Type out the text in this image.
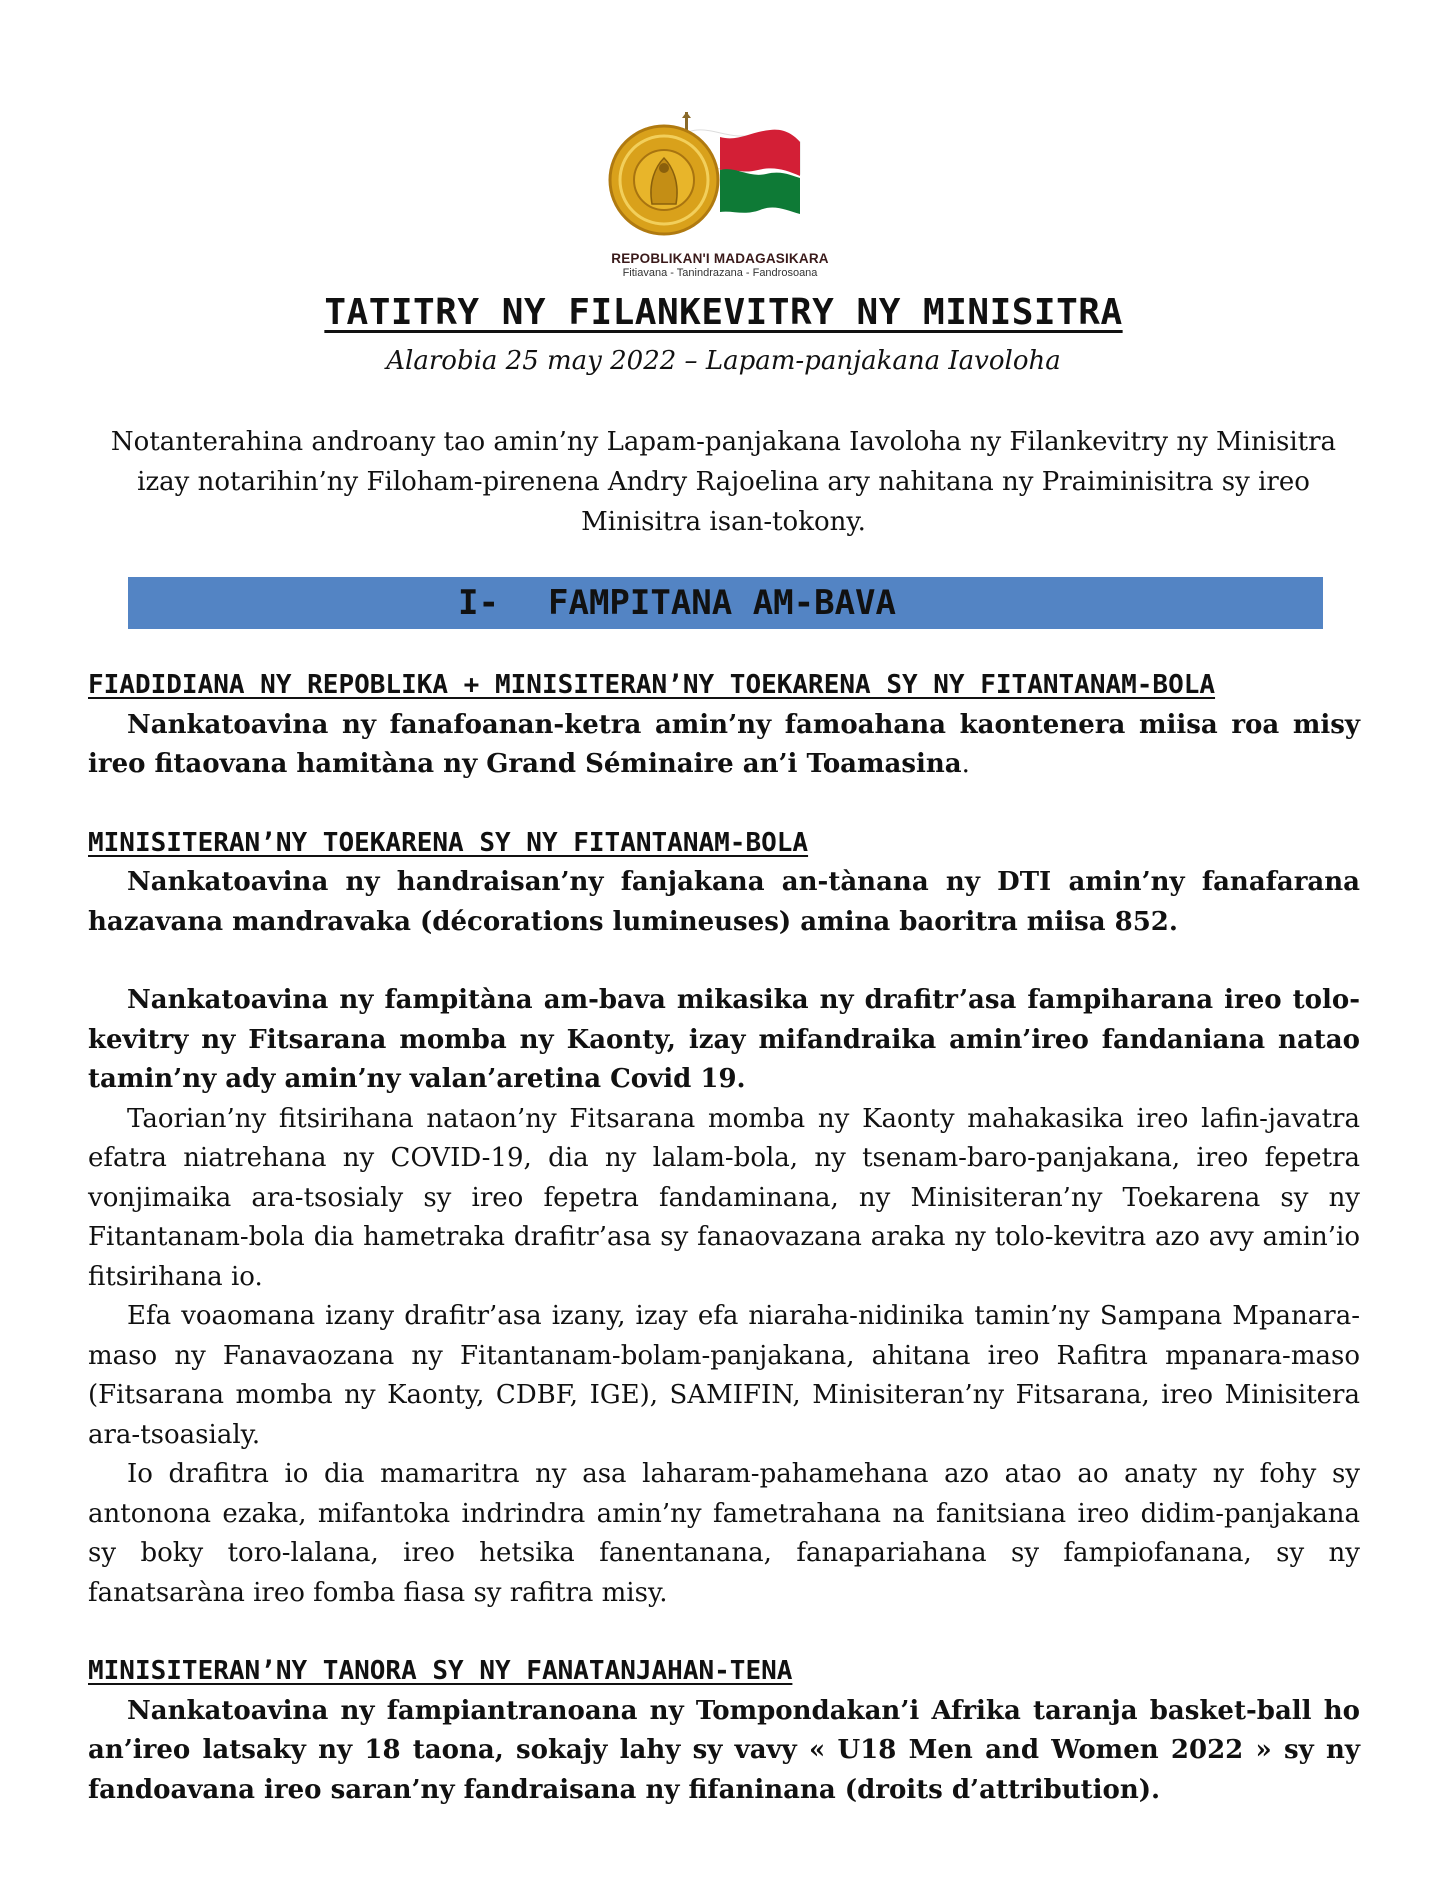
REPOBLIKAN'I MADAGASIKARA
Fitiavana - Tanindrazana - Fandrosoana
TATITRY NY FILANKEVITRY NY MINISITRA
Alarobia 25 may 2022 – Lapam-panjakana Iavoloha
Notanterahina androany tao amin’ny Lapam-panjakana Iavoloha ny Filankevitry ny Minisitra izay notarihin’ny Filoham-pirenena Andry Rajoelina ary nahitana ny Praiminisitra sy ireo Minisitra isan-tokony.
I- FAMPITANA AM-BAVA

FIADIDIANA NY REPOBLIKA + MINISITERAN’NY TOEKARENA SY NY FITANTANAM-BOLA

Nankatoavina ny fanafoanan-ketra amin’ny famoahana kaontenera miisa roa misy ireo fitaovana hamitàna ny Grand Séminaire an’i Toamasina.

MINISITERAN’NY TOEKARENA SY NY FITANTANAM-BOLA

Nankatoavina ny handraisan’ny fanjakana an-tànana ny DTI amin’ny fanafarana hazavana mandravaka (décorations lumineuses) amina baoritra miisa 852.

Nankatoavina ny fampitàna am-bava mikasika ny drafitr’asa fampiharana ireo tolo-kevitry ny Fitsarana momba ny Kaonty, izay mifandraika amin’ireo fandaniana natao tamin’ny ady amin’ny valan’aretina Covid 19.

Taorian’ny fitsirihana nataon’ny Fitsarana momba ny Kaonty mahakasika ireo lafin-javatra efatra niatrehana ny COVID-19, dia ny lalam-bola, ny tsenam-baro-panjakana, ireo fepetra vonjimaika ara-tsosialy sy ireo fepetra fandaminana, ny Minisiteran’ny Toekarena sy ny Fitantanam-bola dia hametraka drafitr’asa sy fanaovazana araka ny tolo-kevitra azo avy amin’io fitsirihana io.

Efa voaomana izany drafitr’asa izany, izay efa niaraha-nidinika tamin’ny Sampana Mpanara-maso ny Fanavaozana ny Fitantanam-bolam-panjakana, ahitana ireo Rafitra mpanara-maso (Fitsarana momba ny Kaonty, CDBF, IGE), SAMIFIN, Minisiteran’ny Fitsarana, ireo Minisitera ara-tsoasialy.

Io drafitra io dia mamaritra ny asa laharam-pahamehana azo atao ao anaty ny fohy sy antonona ezaka, mifantoka indrindra amin’ny fametrahana na fanitsiana ireo didim-panjakana sy boky toro-lalana, ireo hetsika fanentanana, fanapariahana sy fampiofanana, sy ny fanatsaràna ireo fomba fiasa sy rafitra misy.

MINISITERAN’NY TANORA SY NY FANATANJAHAN-TENA

Nankatoavina ny fampiantranoana ny Tompondakan’i Afrika taranja basket-ball ho an’ireo latsaky ny 18 taona, sokajy lahy sy vavy « U18 Men and Women 2022 » sy ny fandoavana ireo saran’ny fandraisana ny fifaninana (droits d’attribution).
